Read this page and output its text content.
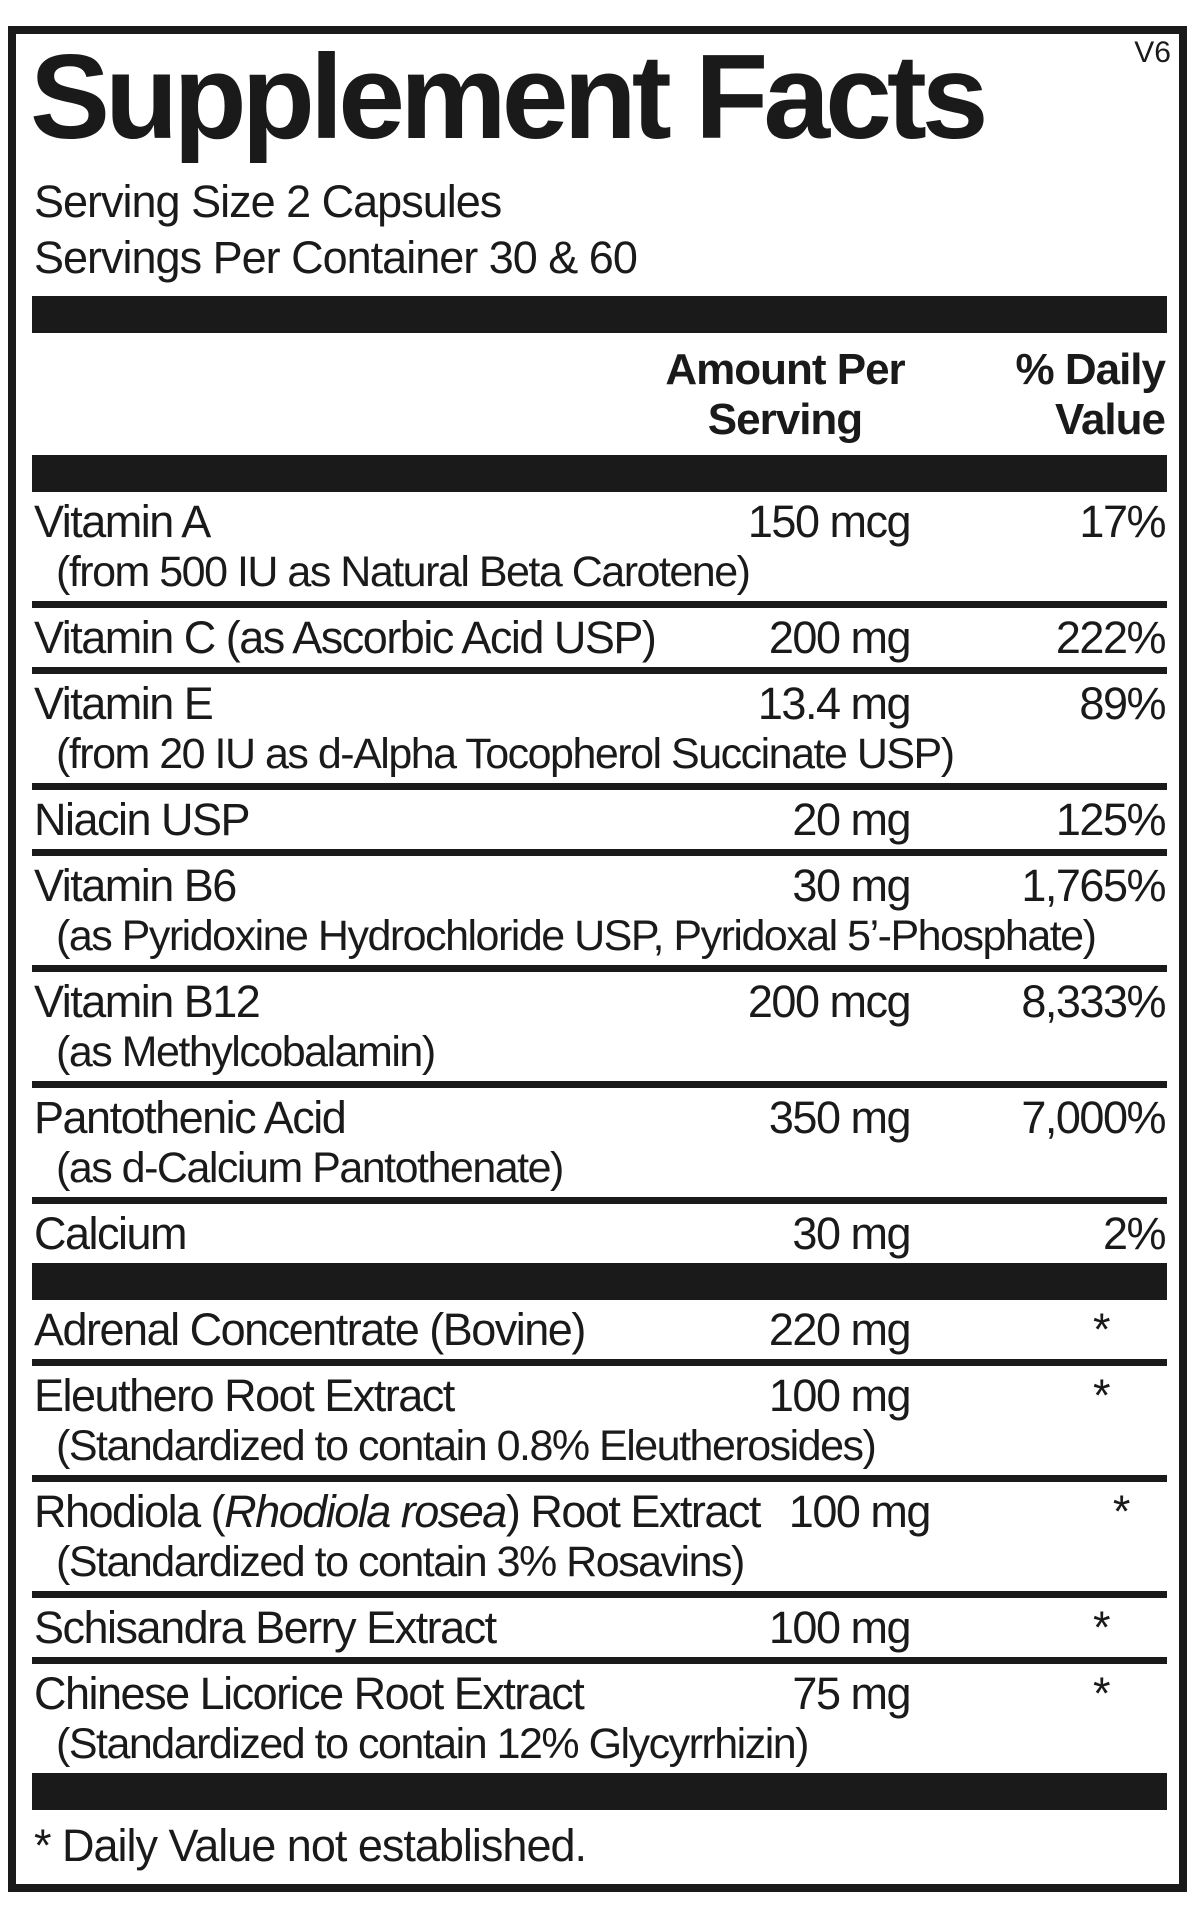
V6
Supplement Facts
Serving Size 2 Capsules
Servings Per Container 30 & 60
Amount Per
Serving
% Daily
Value
Vitamin A	150 mcg	17%
(from 500 IU as Natural Beta Carotene)
Vitamin C (as Ascorbic Acid USP)	200 mg	222%
Vitamin E	13.4 mg	89%
(from 20 IU as d-Alpha Tocopherol Succinate USP)
Niacin USP	20 mg	125%
Vitamin B6	30 mg	1,765%
(as Pyridoxine Hydrochloride USP, Pyridoxal 5’-Phosphate)
Vitamin B12	200 mcg	8,333%
(as Methylcobalamin)
Pantothenic Acid	350 mg	7,000%
(as d-Calcium Pantothenate)
Calcium	30 mg	2%
Adrenal Concentrate (Bovine)	220 mg	*
Eleuthero Root Extract	100 mg	*
(Standardized to contain 0.8% Eleutherosides)
Rhodiola (Rhodiola rosea) Root Extract 100 mg	*
(Standardized to contain 3% Rosavins)
Schisandra Berry Extract	100 mg	*
Chinese Licorice Root Extract	75 mg	*
(Standardized to contain 12% Glycyrrhizin)
* Daily Value not established.
